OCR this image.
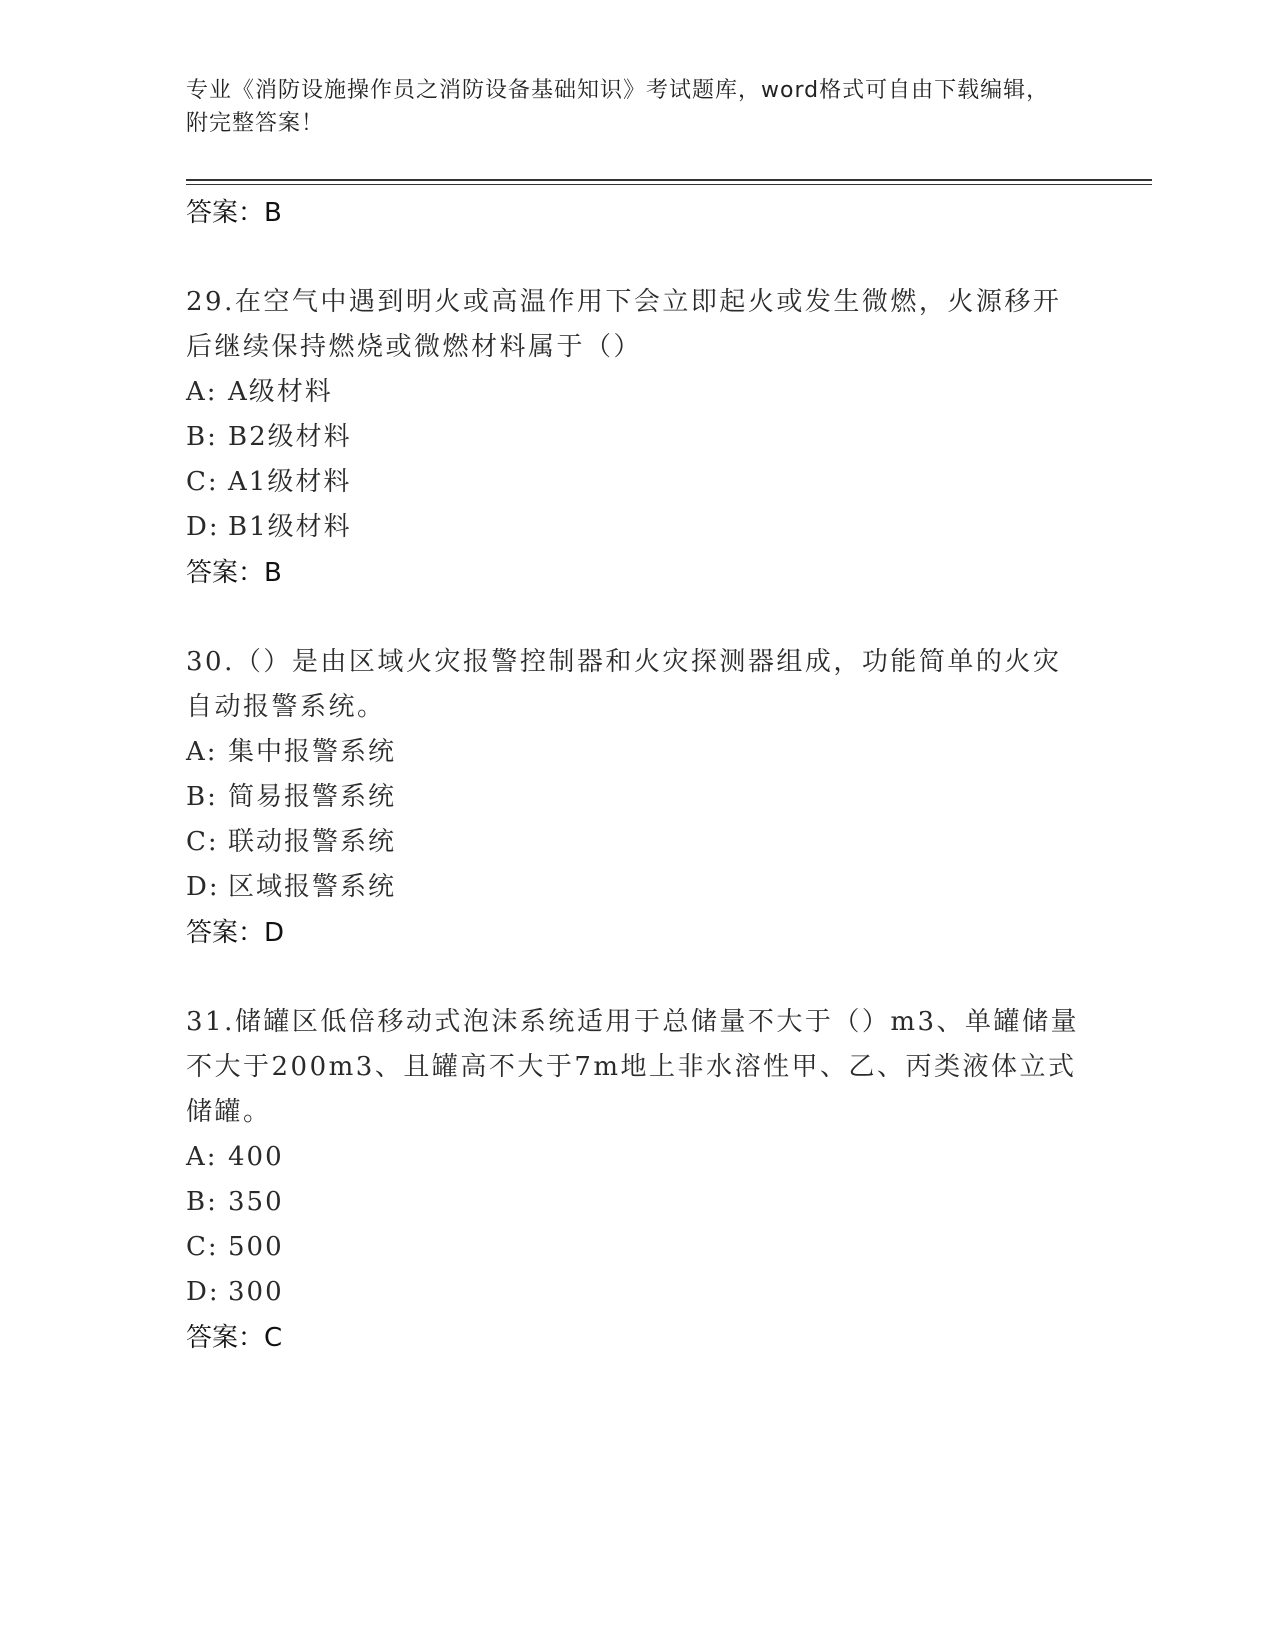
专业《消防设施操作员之消防设备基础知识》考试题库，word格式可自由下载编辑，附完整答案！
答案：B
29.在空气中遇到明火或高温作用下会立即起火或发生微燃，火源移开后继续保持燃烧或微燃材料属于（）
A: A级材料
B: B2级材料
C: A1级材料
D: B1级材料
答案：B
30.（）是由区域火灾报警控制器和火灾探测器组成，功能简单的火灾自动报警系统。
A: 集中报警系统
B: 简易报警系统
C: 联动报警系统
D: 区域报警系统
答案：D
31.储罐区低倍移动式泡沫系统适用于总储量不大于（）m3、单罐储量不大于200m3、且罐高不大于7m地上非水溶性甲、乙、丙类液体立式储罐。
A: 400
B: 350
C: 500
D: 300
答案：C
